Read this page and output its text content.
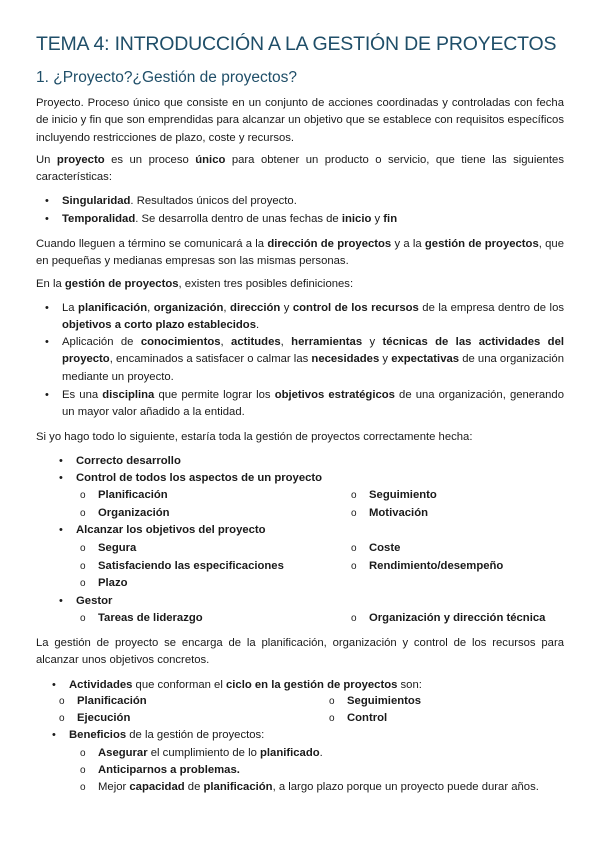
TEMA 4: INTRODUCCIÓN A LA GESTIÓN DE PROYECTOS
1. ¿Proyecto?¿Gestión de proyectos?

Proyecto. Proceso único que consiste en un conjunto de acciones coordinadas y controladas con fecha de inicio y fin que son emprendidas para alcanzar un objetivo que se establece con requisitos específicos incluyendo restricciones de plazo, coste y recursos.

Un proyecto es un proceso único para obtener un producto o servicio, que tiene las siguientes características:

• Singularidad. Resultados únicos del proyecto.

• Temporalidad. Se desarrolla dentro de unas fechas de inicio y fin

Cuando lleguen a término se comunicará a la dirección de proyectos y a la gestión de proyectos, que en pequeñas y medianas empresas son las mismas personas.

En la gestión de proyectos, existen tres posibles definiciones:

• La planificación, organización, dirección y control de los recursos de la empresa dentro de los objetivos a corto plazo establecidos.

• Aplicación de conocimientos, actitudes, herramientas y técnicas de las actividades del proyecto, encaminados a satisfacer o calmar las necesidades y expectativas de una organización mediante un proyecto.

• Es una disciplina que permite lograr los objetivos estratégicos de una organización, generando un mayor valor añadido a la entidad.

Si yo hago todo lo siguiente, estaría toda la gestión de proyectos correctamente hecha:

• Correcto desarrollo
• Control de todos los aspectos de un proyecto
o Planificación	o Seguimiento
o Organización	o Motivación
• Alcanzar los objetivos del proyecto
o Segura	o Coste
o Satisfaciendo las especificaciones	o Rendimiento/desempeño
o Plazo
• Gestor
o Tareas de liderazgo	o Organización y dirección técnica

La gestión de proyecto se encarga de la planificación, organización y control de los recursos para alcanzar unos objetivos concretos.

• Actividades que conforman el ciclo en la gestión de proyectos son:

o Planificación	o Seguimientos
o Ejecución	o Control
• Beneficios de la gestión de proyectos:

o Asegurar el cumplimiento de lo planificado.

o Anticiparnos a problemas.

o Mejor capacidad de planificación, a largo plazo porque un proyecto puede durar años.
